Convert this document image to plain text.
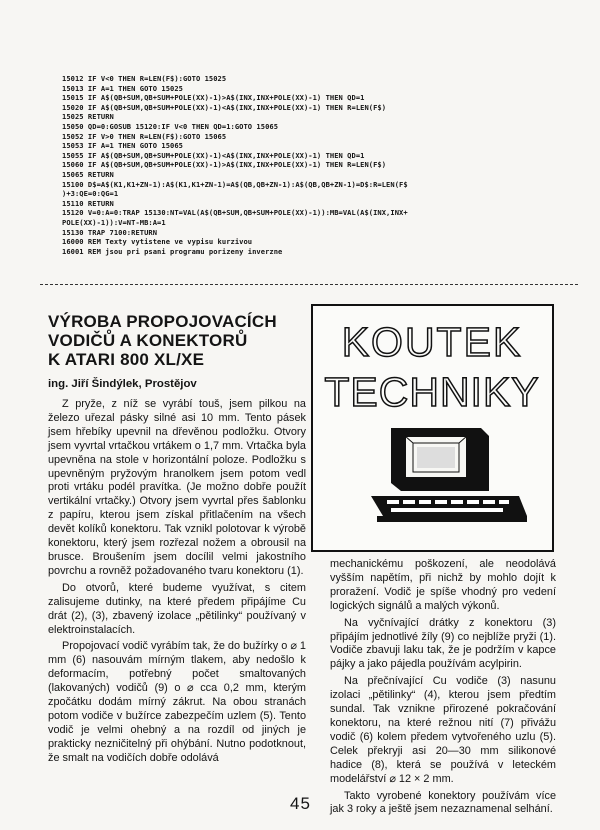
15012 IF V<0 THEN R=LEN(F$):GOTO 15025
15013 IF A=1 THEN GOTO 15025
15015 IF A$(QB+SUM,QB+SUM+POLE(XX)-1)>A$(INX,INX+POLE(XX)-1) THEN QD=1
15020 IF A$(QB+SUM,QB+SUM+POLE(XX)-1)<A$(INX,INX+POLE(XX)-1) THEN R=LEN(F$)
15025 RETURN
15050 QD=0:GOSUB 15120:IF V<0 THEN QD=1:GOTO 15065
15052 IF V>0 THEN R=LEN(F$):GOTO 15065
15053 IF A=1 THEN GOTO 15065
15055 IF A$(QB+SUM,QB+SUM+POLE(XX)-1)<A$(INX,INX+POLE(XX)-1) THEN QD=1
15060 IF A$(QB+SUM,QB+SUM+POLE(XX)-1)>A$(INX,INX+POLE(XX)-1) THEN R=LEN(F$)
15065 RETURN
15100 D$=A$(K1,K1+ZN-1):A$(K1,K1+ZN-1)=A$(QB,QB+ZN-1):A$(QB,QB+ZN-1)=D$:R=LEN(F$
)+3:QE=0:QG=1
15110 RETURN
15120 V=0:A=0:TRAP 15130:NT=VAL(A$(QB+SUM,QB+SUM+POLE(XX)-1)):MB=VAL(A$(INX,INX+
POLE(XX)-1)):V=NT-MB:A=1
15130 TRAP 7100:RETURN
16000 REM Texty vytistene ve vypisu kurzivou
16001 REM jsou pri psani programu porizeny inverzne
VÝROBA PROPOJOVACÍCH
VODIČŮ A KONEKTORŮ
K ATARI 800 XL/XE
ing. Jiří Šindýlek, Prostějov

Z pryže, z níž se vyrábí touš, jsem pilkou na železo uřezal pásky silné asi 10 mm. Tento pásek jsem hřebíky upevnil na dřevěnou podložku. Otvory jsem vyvrtal vrtačkou vrtákem o 1,7 mm. Vrtačka byla upevněna na stole v horizontální poloze. Podložku s upevněným pryžovým hranolkem jsem potom vedl proti vrtáku podél pravítka. (Je možno dobře použít vertikální vrtačky.) Otvory jsem vyvrtal přes šablonku z papíru, kterou jsem získal přitlačením na všech devět kolíků konektoru. Tak vznikl polotovar k výrobě konektoru, který jsem rozřezal nožem a obrousil na brusce. Broušením jsem docílil velmi jakostního povrchu a rovněž požadovaného tvaru konektoru (1).

Do otvorů, které budeme využívat, s citem zalisujeme dutinky, na které předem připájíme Cu drát (2), (3), zbavený izolace „pětilinky“ používaný v elektroinstalacích.

Propojovací vodič vyrábím tak, že do bužírky o ⌀ 1 mm (6) nasouvám mírným tlakem, aby nedošlo k deformacím, potřebný počet smaltovaných (lakovaných) vodičů (9) o ⌀ cca 0,2 mm, kterým zpočátku dodám mírný zákrut. Na obou stranách potom vodiče v bužírce zabezpečím uzlem (5). Tento vodič je velmi ohebný a na rozdíl od jiných je prakticky nezničitelný při ohýbání. Nutno podotknout, že smalt na vodičích dobře odolává

KOUTEK
TECHNIKY

mechanickému poškození, ale neodolává vyšším napětím, při nichž by mohlo dojít k proražení. Vodič je spíše vhodný pro vedení logických signálů a malých výkonů.

Na vyčnívající drátky z konektoru (3) připájím jednotlivé žíly (9) co nejblíže pryži (1). Vodiče zbavuji laku tak, že je podržím v kapce pájky a jako pájedla používám acylpirin.

Na přečnívající Cu vodiče (3) nasunu izolaci „pětilinky“ (4), kterou jsem předtím sundal. Tak vznikne přirozené pokračování konektoru, na které režnou nití (7) přivážu vodič (6) kolem předem vytvořeného uzlu (5). Celek překryji asi 20—30 mm silikonové hadice (8), která se používá v leteckém modelářství ⌀ 12 × 2 mm.

Takto vyrobené konektory používám více jak 3 roky a ještě jsem nezaznamenal selhání.

45
